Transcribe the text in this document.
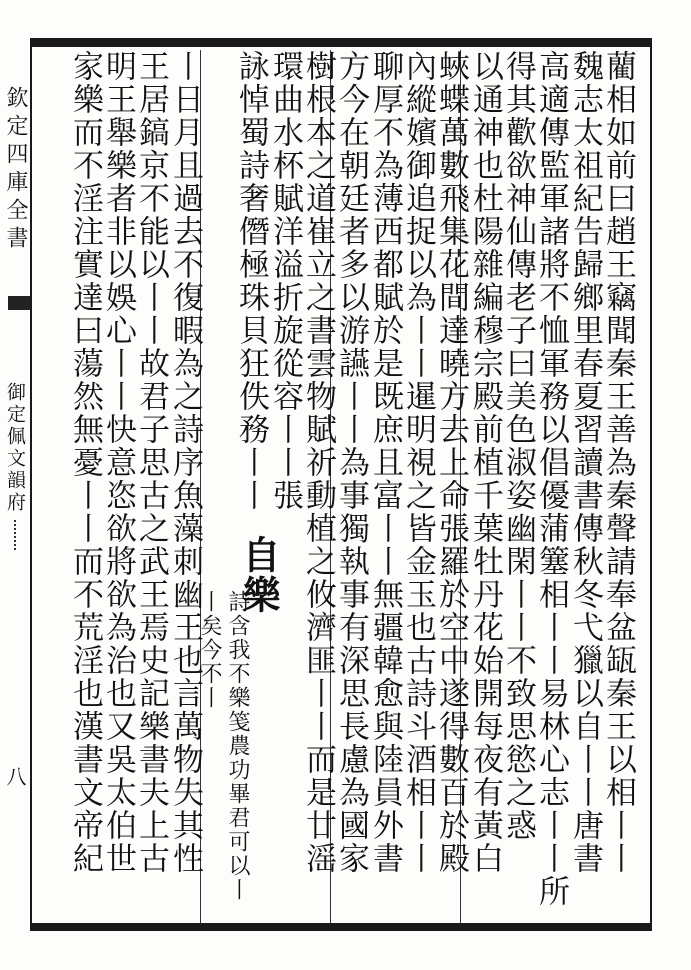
欽定四庫全書
御定佩文韻府
八	藺相如前曰趙王竊聞秦王善為秦聲請奉盆缻秦王以相丨丨
魏志太祖紀告歸鄉里春夏習讀書傳秋冬弋獵以自丨丨唐書
高適傳監軍諸將不恤軍務以倡優蒲簺相丨丨易林心志丨丨所
得其歡欲神仙傳老子曰美色淑姿幽閑丨丨不致思慾之惑
以通神也杜陽雜編穆宗殿前植千葉牡丹花始開每夜有黃白
蛺蝶萬數飛集花間達曉方去上命張羅於空中遂得數百於殿
內縱嬪御追捉以為丨丨暹明視之皆金玉也古詩斗酒相丨丨
聊厚不為薄西都賦於是既庶且富丨丨無疆韓愈與陸員外書
方今在朝廷者多以游讌丨丨為事獨執事有深思長慮為國家
樹根本之道崔立之書雲物賦祈動植之攸濟匪丨丨而是廿滛
環曲水杯賦洋溢折旋從容丨丨張
詠悼蜀詩奢僭極珠貝狂佚務丨丨
自樂
詩含我不樂笺農功畢君可以丨丨矣今不丨
丨日月且過去不復暇為之詩序魚藻刺幽王也言萬物失其性
王居鎬京不能以丨丨故君子思古之武王焉史記樂書夫上古
明王舉樂者非以娛心丨丨快意恣欲將欲為治也又吳太伯世
家樂而不淫注實達曰蕩然無憂丨丨而不荒淫也漢書文帝紀
